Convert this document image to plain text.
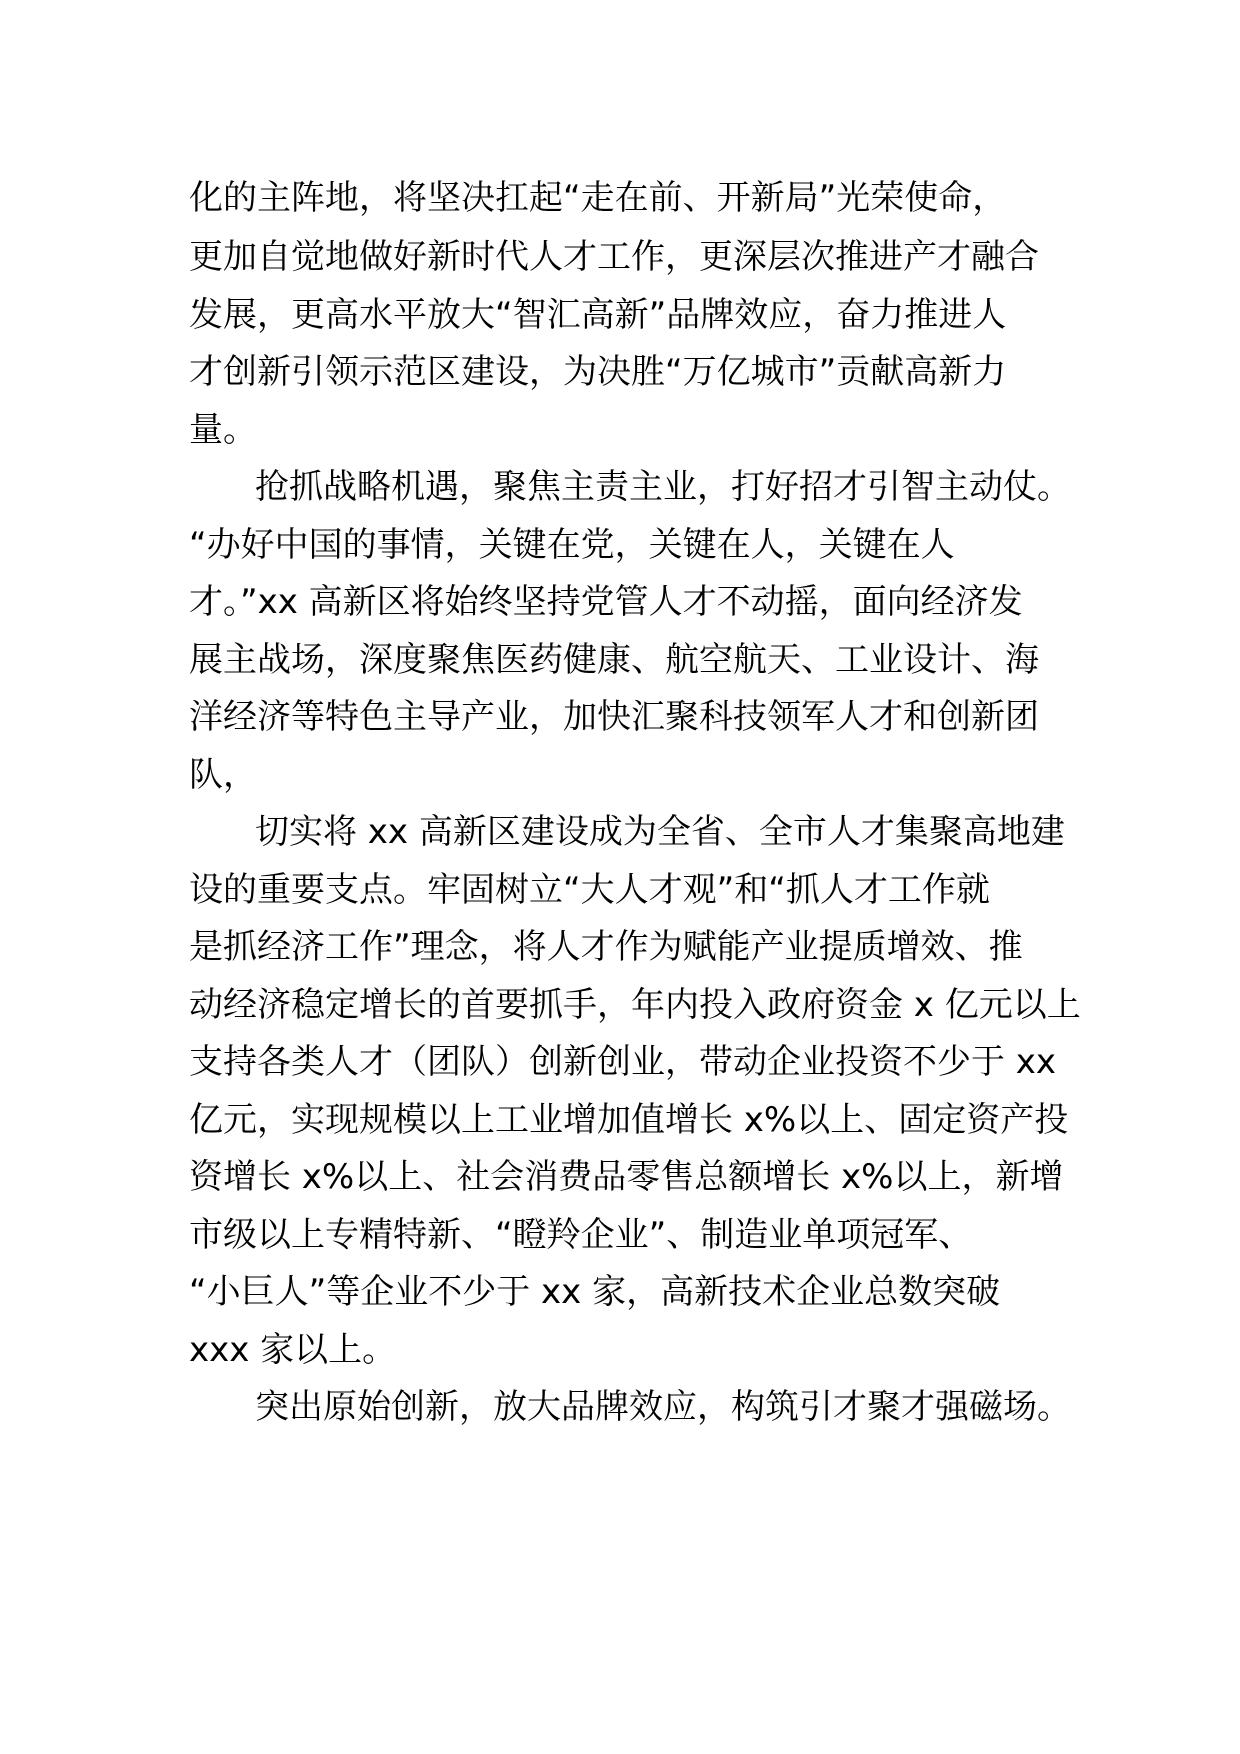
化的主阵地，将坚决扛起“走在前、开新局”光荣使命，
更加自觉地做好新时代人才工作，更深层次推进产才融合
发展，更高水平放大“智汇高新”品牌效应，奋力推进人
才创新引领示范区建设，为决胜“万亿城市”贡献高新力
量。
抢抓战略机遇，聚焦主责主业，打好招才引智主动仗。
“办好中国的事情，关键在党，关键在人，关键在人
才。”xx 高新区将始终坚持党管人才不动摇，面向经济发
展主战场，深度聚焦医药健康、航空航天、工业设计、海
洋经济等特色主导产业，加快汇聚科技领军人才和创新团
队，
切实将 xx 高新区建设成为全省、全市人才集聚高地建
设的重要支点。牢固树立“大人才观”和“抓人才工作就
是抓经济工作”理念，将人才作为赋能产业提质增效、推
动经济稳定增长的首要抓手，年内投入政府资金 x 亿元以上
支持各类人才（团队）创新创业，带动企业投资不少于 xx
亿元，实现规模以上工业增加值增长 x%以上、固定资产投
资增长 x%以上、社会消费品零售总额增长 x%以上，新增
市级以上专精特新、“瞪羚企业”、制造业单项冠军、
“小巨人”等企业不少于 xx 家，高新技术企业总数突破
xxx 家以上。
突出原始创新，放大品牌效应，构筑引才聚才强磁场。
